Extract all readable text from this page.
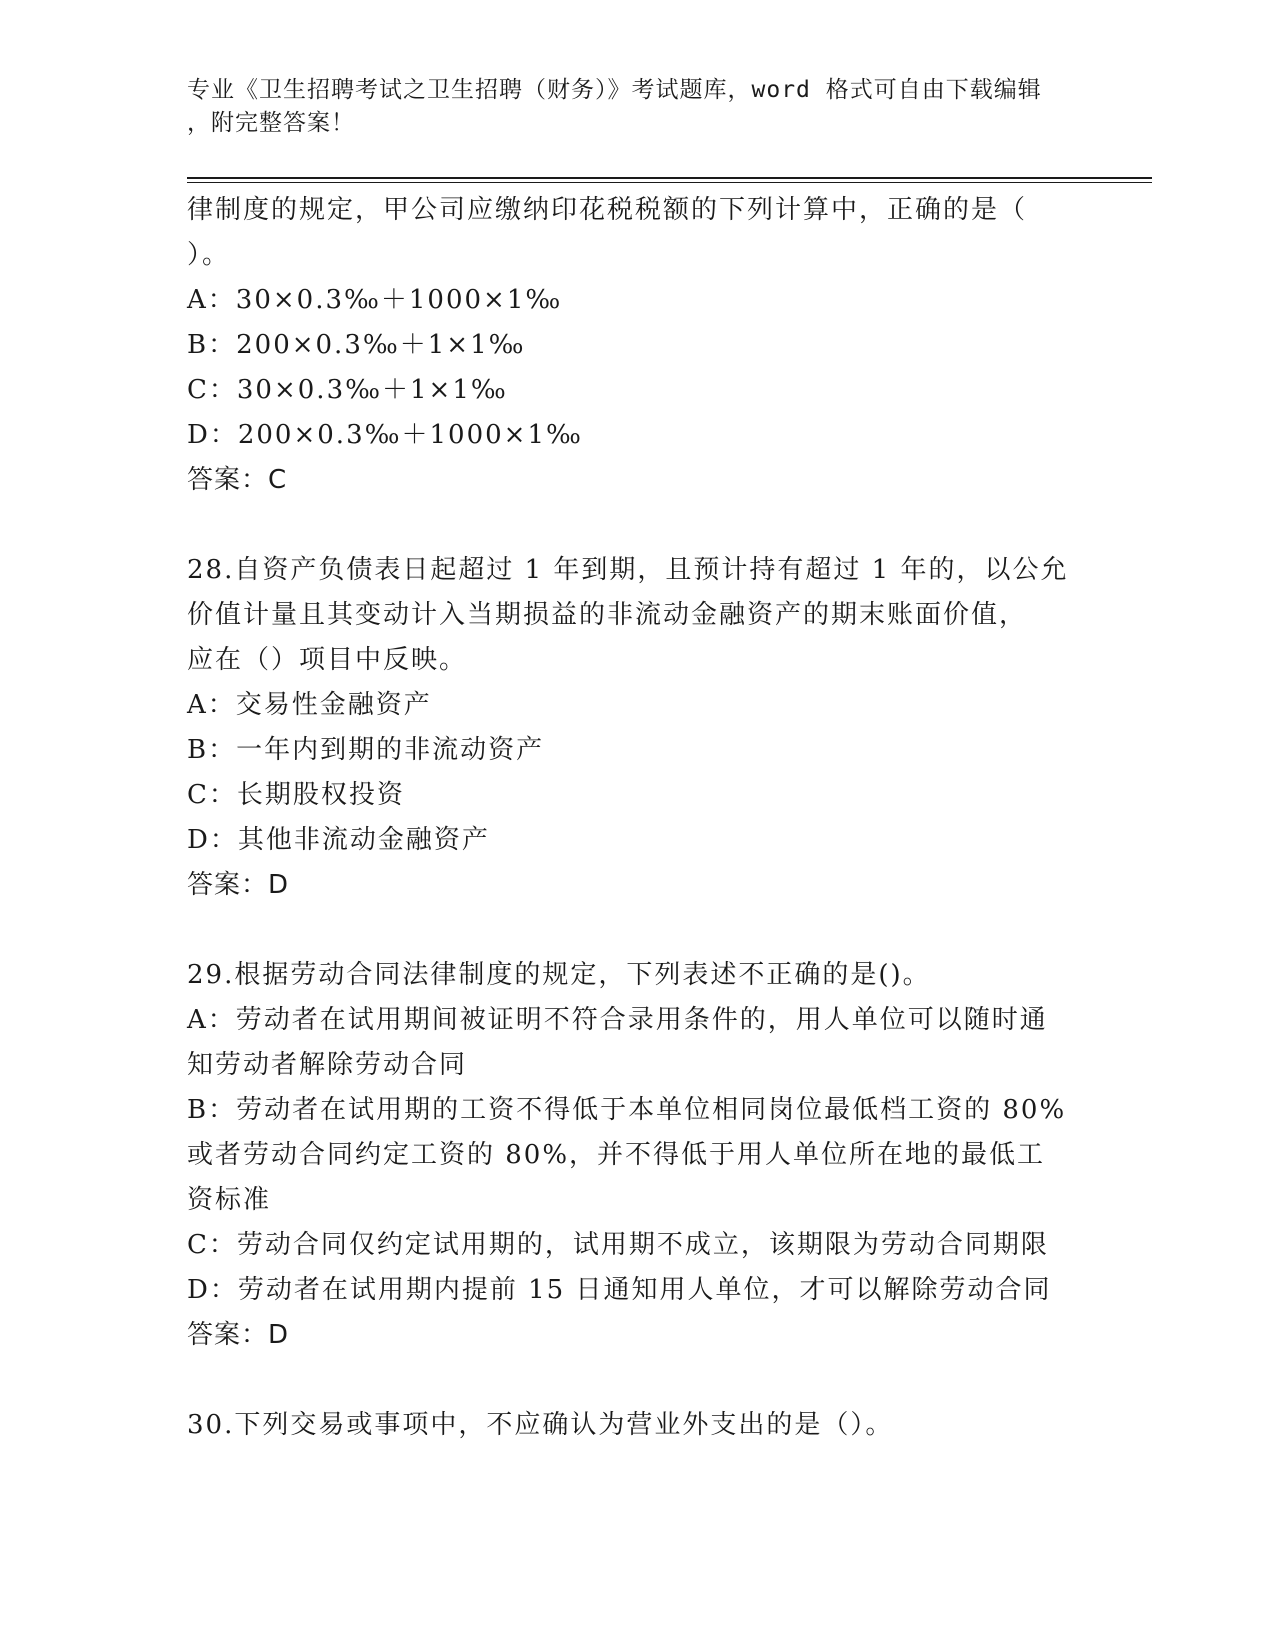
专业《卫生招聘考试之卫生招聘（财务）》考试题库，word 格式可自由下载编辑
，附完整答案！
律制度的规定，甲公司应缴纳印花税税额的下列计算中，正确的是（
）。
A：30×0.3‰＋1000×1‰
B：200×0.3‰＋1×1‰
C：30×0.3‰＋1×1‰
D：200×0.3‰＋1000×1‰
答案：C
28.自资产负债表日起超过 1 年到期，且预计持有超过 1 年的，以公允
价值计量且其变动计入当期损益的非流动金融资产的期末账面价值，
应在（）项目中反映。
A：交易性金融资产
B：一年内到期的非流动资产
C：长期股权投资
D：其他非流动金融资产
答案：D
29.根据劳动合同法律制度的规定，下列表述不正确的是()。
A：劳动者在试用期间被证明不符合录用条件的，用人单位可以随时通
知劳动者解除劳动合同
B：劳动者在试用期的工资不得低于本单位相同岗位最低档工资的 80%
或者劳动合同约定工资的 80%，并不得低于用人单位所在地的最低工
资标准
C：劳动合同仅约定试用期的，试用期不成立，该期限为劳动合同期限
D：劳动者在试用期内提前 15 日通知用人单位，才可以解除劳动合同
答案：D
30.下列交易或事项中，不应确认为营业外支出的是（）。
